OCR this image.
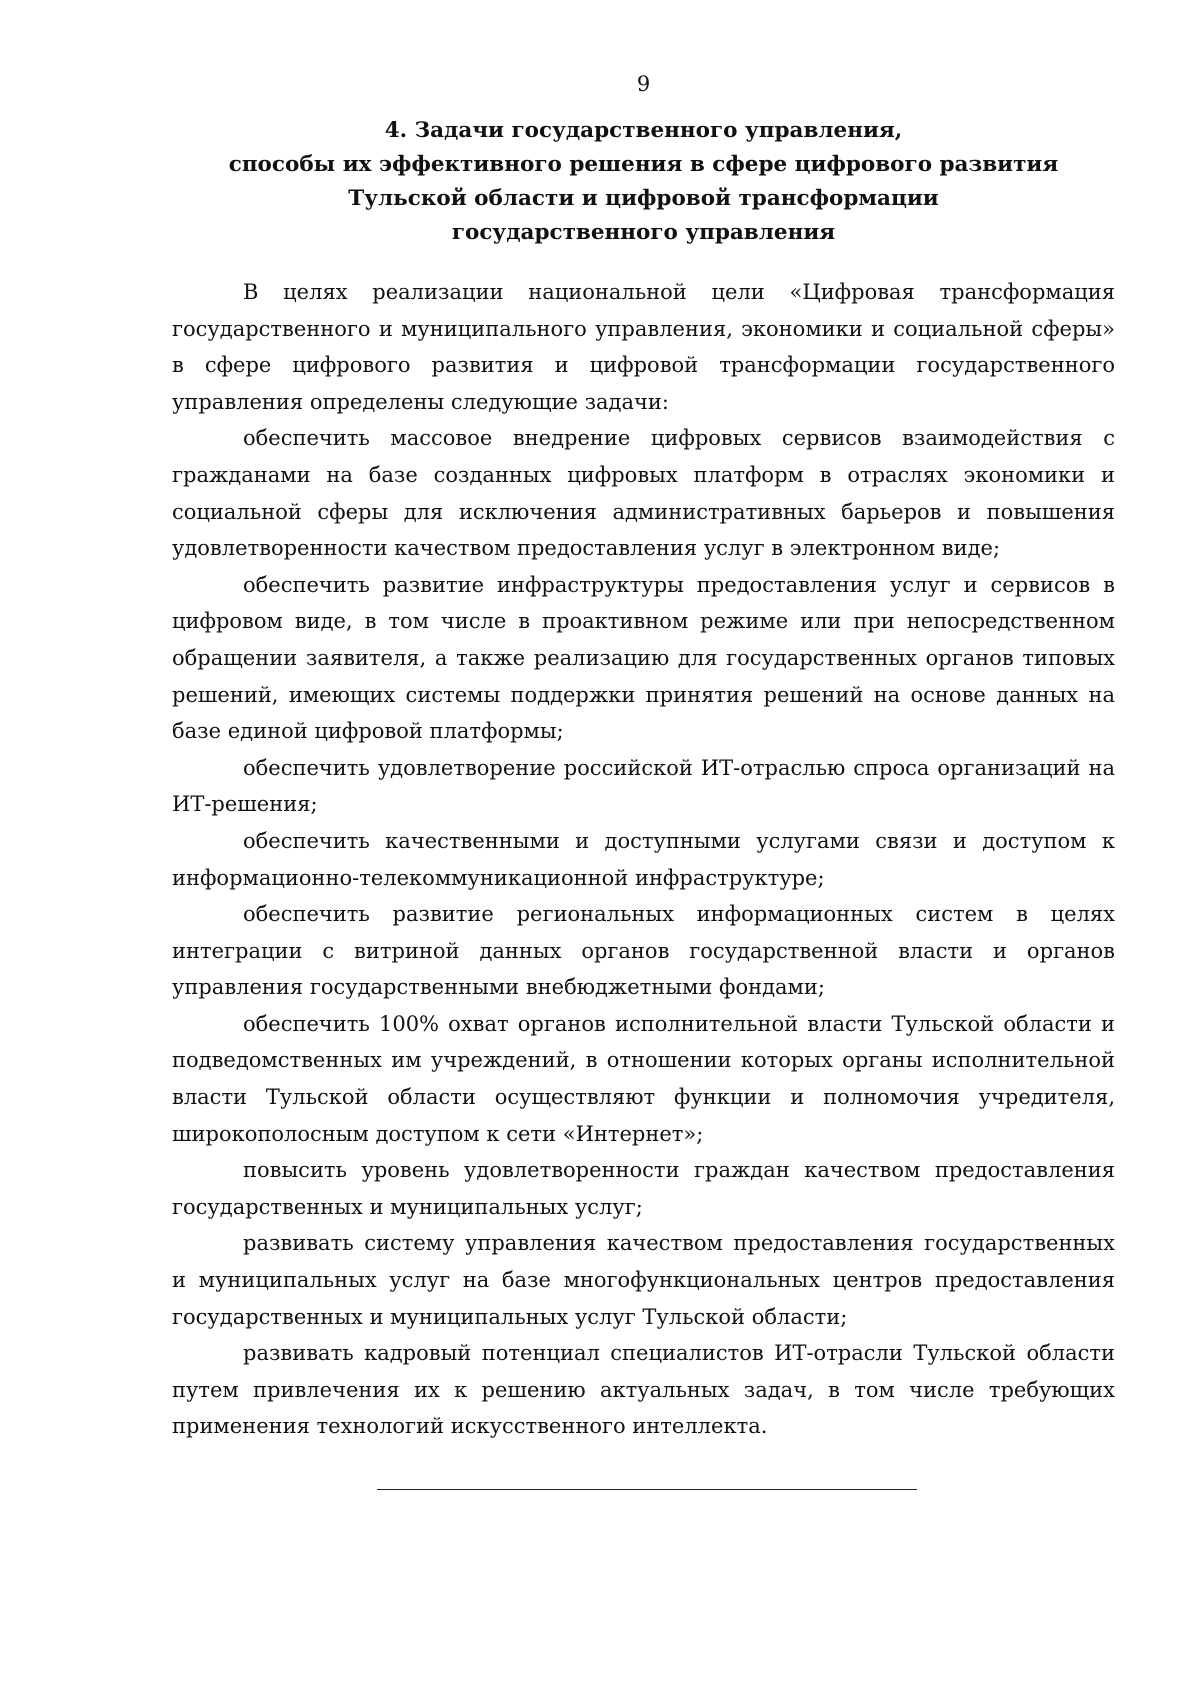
9
4. Задачи государственного управления,
способы их эффективного решения в сфере цифрового развития
Тульской области и цифровой трансформации
государственного управления

В целях реализации национальной цели «Цифровая трансформация государственного и муниципального управления, экономики и социальной сферы» в сфере цифрового развития и цифровой трансформации государственного управления определены следующие задачи:

обеспечить массовое внедрение цифровых сервисов взаимодействия с гражданами на базе созданных цифровых платформ в отраслях экономики и социальной сферы для исключения административных барьеров и повышения удовлетворенности качеством предоставления услуг в электронном виде;

обеспечить развитие инфраструктуры предоставления услуг и сервисов в цифровом виде, в том числе в проактивном режиме или при непосредственном обращении заявителя, а также реализацию для государственных органов типовых решений, имеющих системы поддержки принятия решений на основе данных на базе единой цифровой платформы;

обеспечить удовлетворение российской ИТ-отраслью спроса организаций на ИТ-решения;

обеспечить качественными и доступными услугами связи и доступом к информационно-телекоммуникационной инфраструктуре;

обеспечить развитие региональных информационных систем в целях интеграции с витриной данных органов государственной власти и органов управления государственными внебюджетными фондами;

обеспечить 100% охват органов исполнительной власти Тульской области и подведомственных им учреждений, в отношении которых органы исполнительной власти Тульской области осуществляют функции и полномочия учредителя, широкополосным доступом к сети «Интернет»;

повысить уровень удовлетворенности граждан качеством предоставления государственных и муниципальных услуг;

развивать систему управления качеством предоставления государственных и муниципальных услуг на базе многофункциональных центров предоставления государственных и муниципальных услуг Тульской области;

развивать кадровый потенциал специалистов ИТ-отрасли Тульской области путем привлечения их к решению актуальных задач, в том числе требующих применения технологий искусственного интеллекта.
